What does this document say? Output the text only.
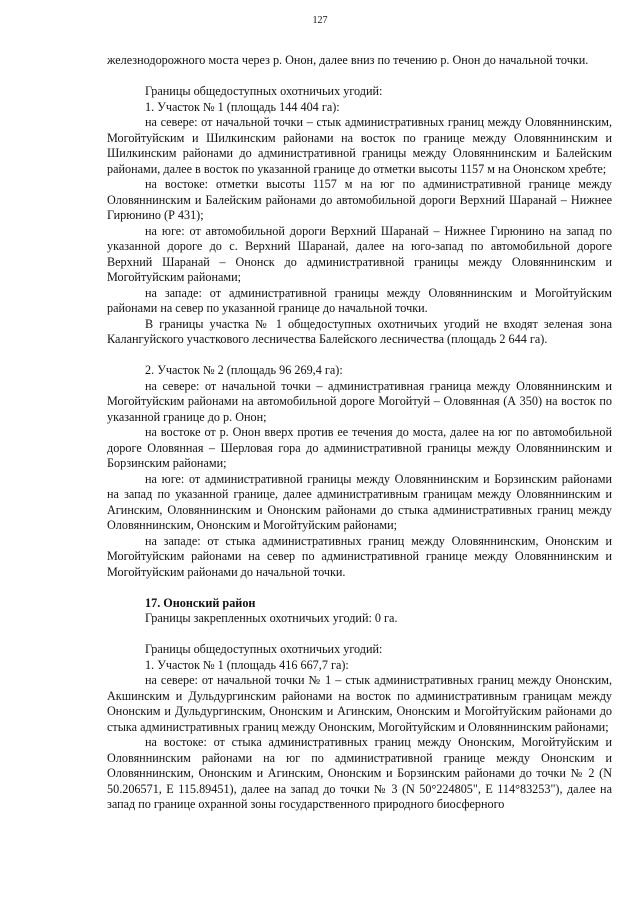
127

железнодорожного моста через р. Онон, далее вниз по течению р. Онон до начальной точки.

Границы общедоступных охотничьих угодий:

1. Участок № 1 (площадь 144 404 га):

на севере: от начальной точки – стык административных границ между Оловяннинским, Могойтуйским и Шилкинским районами на восток по границе между Оловяннинским и Шилкинским районами до административной границы между Оловяннинским и Балейским районами, далее в восток по указанной границе до отметки высоты 1157 м на Ононском хребте;

на востоке: отметки высоты 1157 м на юг по административной границе между Оловяннинским и Балейским районами до автомобильной дороги Верхний Шаранай – Нижнее Гирюнино (Р 431);

на юге: от автомобильной дороги Верхний Шаранай – Нижнее Гирюнино на запад по указанной дороге до с. Верхний Шаранай, далее на юго-запад по автомобильной дороге Верхний Шаранай – Ононск до административной границы между Оловяннинским и Могойтуйским районами;

на западе: от административной границы между Оловяннинским и Могойтуйским районами на север по указанной границе до начальной точки.

В границы участка № 1 общедоступных охотничьих угодий не входят зеленая зона Калангуйского участкового лесничества Балейского лесничества (площадь 2 644 га).

2. Участок № 2 (площадь 96 269,4 га):

на севере: от начальной точки – административная граница между Оловяннинским и Могойтуйским районами на автомобильной дороге Могойтуй – Оловянная (А 350) на восток по указанной границе до р. Онон;

на востоке от р. Онон вверх против ее течения до моста, далее на юг по автомобильной дороге Оловянная – Шерловая гора до административной границы между Оловяннинским и Борзинским районами;

на юге: от административной границы между Оловяннинским и Борзинским районами на запад по указанной границе, далее административным границам между Оловяннинским и Агинским, Оловяннинским и Ононским районами до стыка административных границ между Оловяннинским, Ононским и Могойтуйским районами;

на западе: от стыка административных границ между Оловяннинским, Ононским и Могойтуйским районами на север по административной границе между Оловяннинским и Могойтуйским районами до начальной точки.

17. Ононский район

Границы закрепленных охотничьих угодий: 0 га.

Границы общедоступных охотничьих угодий:

1. Участок № 1 (площадь 416 667,7 га):

на севере: от начальной точки № 1 – стык административных границ между Ононским, Акшинским и Дульдургинским районами на восток по административным границам между Ононским и Дульдургинским, Ононским и Агинским, Ононским и Могойтуйским районами до стыка административных границ между Ононским, Могойтуйским и Оловяннинским районами;

на востоке: от стыка административных границ между Ононским, Могойтуйским и Оловяннинским районами на юг по административной границе между Ононским и Оловяннинским, Ононским и Агинским, Ононским и Борзинским районами до точки № 2 (N 50.206571, E 115.89451), далее на запад до точки № 3 (N 50°224805", E 114°83253"), далее на запад по границе охранной зоны государственного природного биосферного
